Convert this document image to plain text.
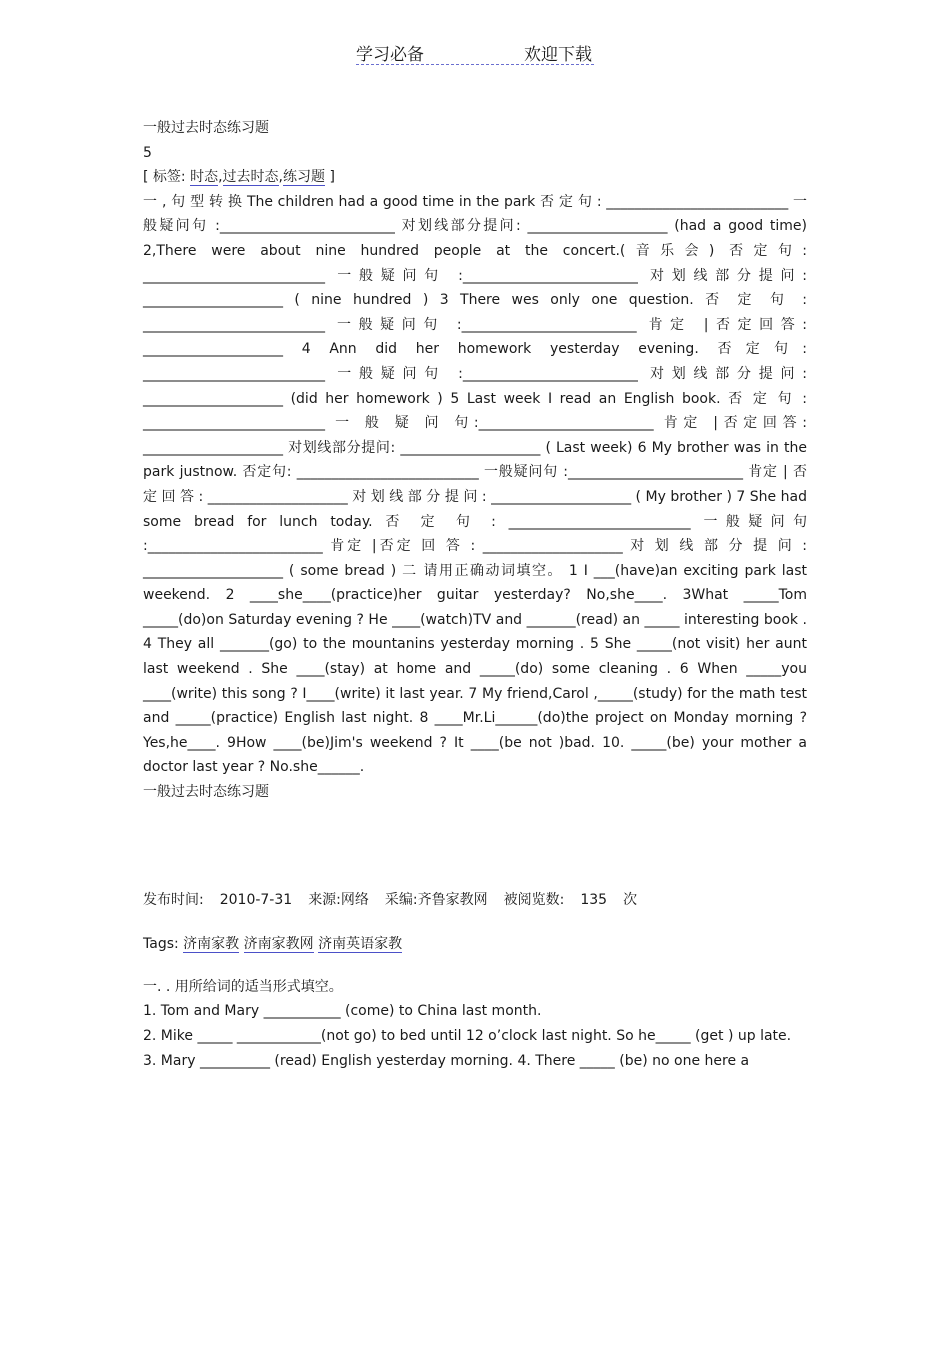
学习必备	欢迎下载

一般过去时态练习题

5

[ 标签: 时态,过去时态,练习题 ]

一 , 句 型 转 换 The children had a good time in the park 否 定 句 : __________________________ 一般疑问句 :_________________________ 对划线部分提问: ____________________ (had a good time) 2,There were about nine hundred people at the concert.(音乐会) 否定句: __________________________ 一般疑问句 :_________________________ 对划线部分提问: ____________________ ( nine hundred ) 3 There wes only one question. 否 定 句 : __________________________ 一般疑问句 :_________________________ 肯定 |否定回答: ____________________ 4 Ann did her homework yesterday evening. 否定句: __________________________ 一般疑问句 :_________________________ 对划线部分提问: ____________________ (did her homework ) 5 Last week I read an English book. 否 定 句 : __________________________ 一 般 疑 问 句:_________________________ 肯定 |否定回答: ____________________ 对划线部分提问: ____________________ ( Last week) 6 My brother was in the park justnow. 否定句: __________________________ 一般疑问句 :_________________________ 肯定 | 否 定 回 答 : ____________________ 对 划 线 部 分 提 问 : ____________________ ( My brother ) 7 She had some bread for lunch today. 否 定 句 : __________________________ 一般疑问句 :_________________________ 肯定 |否定 回 答 : ____________________ 对 划 线 部 分 提 问 : ____________________ ( some bread ) 二 请用正确动词填空。 1 I ___(have)an exciting park last weekend. 2 ____she____(practice)her guitar yesterday? No,she____. 3What _____Tom _____(do)on Saturday evening ? He ____(watch)TV and _______(read) an _____ interesting book . 4 They all _______(go) to the mountanins yesterday morning . 5 She _____(not visit) her aunt last weekend . She ____(stay) at home and _____(do) some cleaning . 6 When _____you ____(write) this song ? I____(write) it last year. 7 My friend,Carol ,_____(study) for the math test and _____(practice) English last night. 8 ____Mr.Li______(do)the project on Monday morning ? Yes,he____. 9How ____(be)Jim's weekend ? It ____(be not )bad. 10. _____(be) your mother a doctor last year ? No.she______.

一般过去时态练习题

发布时间: 2010-7-31 来源:网络 采编:齐鲁家教网 被阅览数: 135 次

Tags: 济南家教 济南家教网 济南英语家教

一. . 用所给词的适当形式填空。

1. Tom and Mary ___________ (come) to China last month.

2. Mike _____ ____________(not go) to bed until 12 o’clock last night. So he_____ (get ) up late.

3. Mary __________ (read) English yesterday morning. 4. There _____ (be) no one here a
